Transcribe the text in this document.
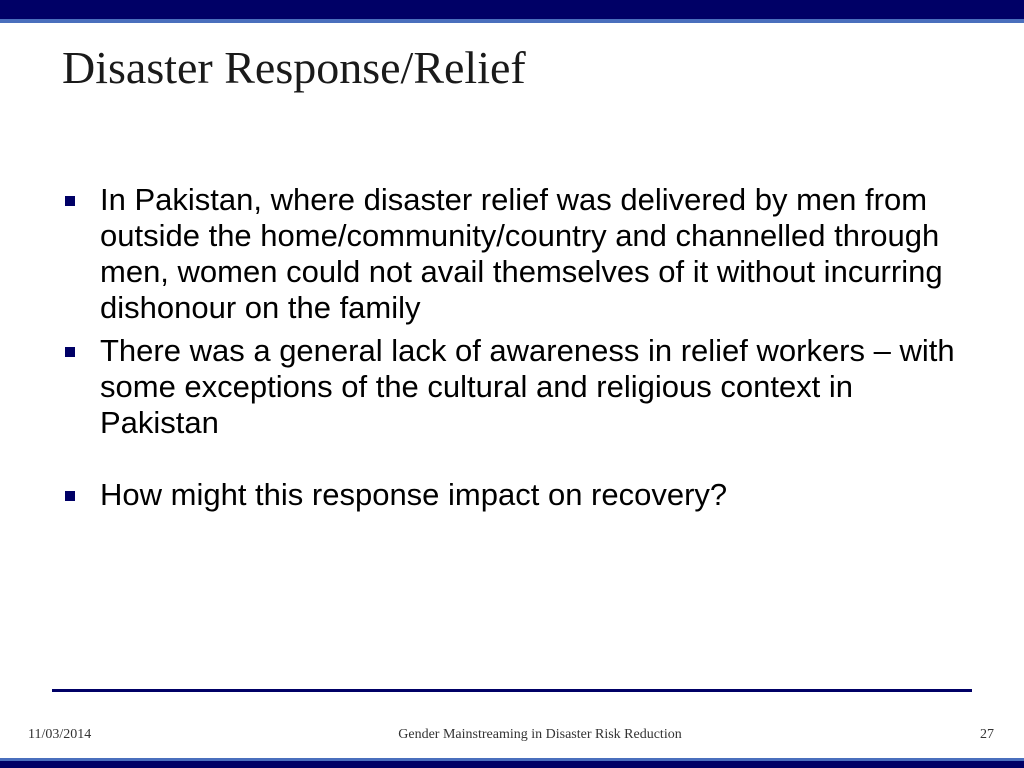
Disaster Response/Relief
In Pakistan, where disaster relief was delivered by men from outside the home/community/country and channelled through men, women could not avail themselves of it without incurring dishonour on the family
There was a general lack of awareness in relief workers – with some exceptions of the cultural and religious context in Pakistan
How might this response impact on recovery?
11/03/2014	Gender Mainstreaming in Disaster Risk Reduction	27
